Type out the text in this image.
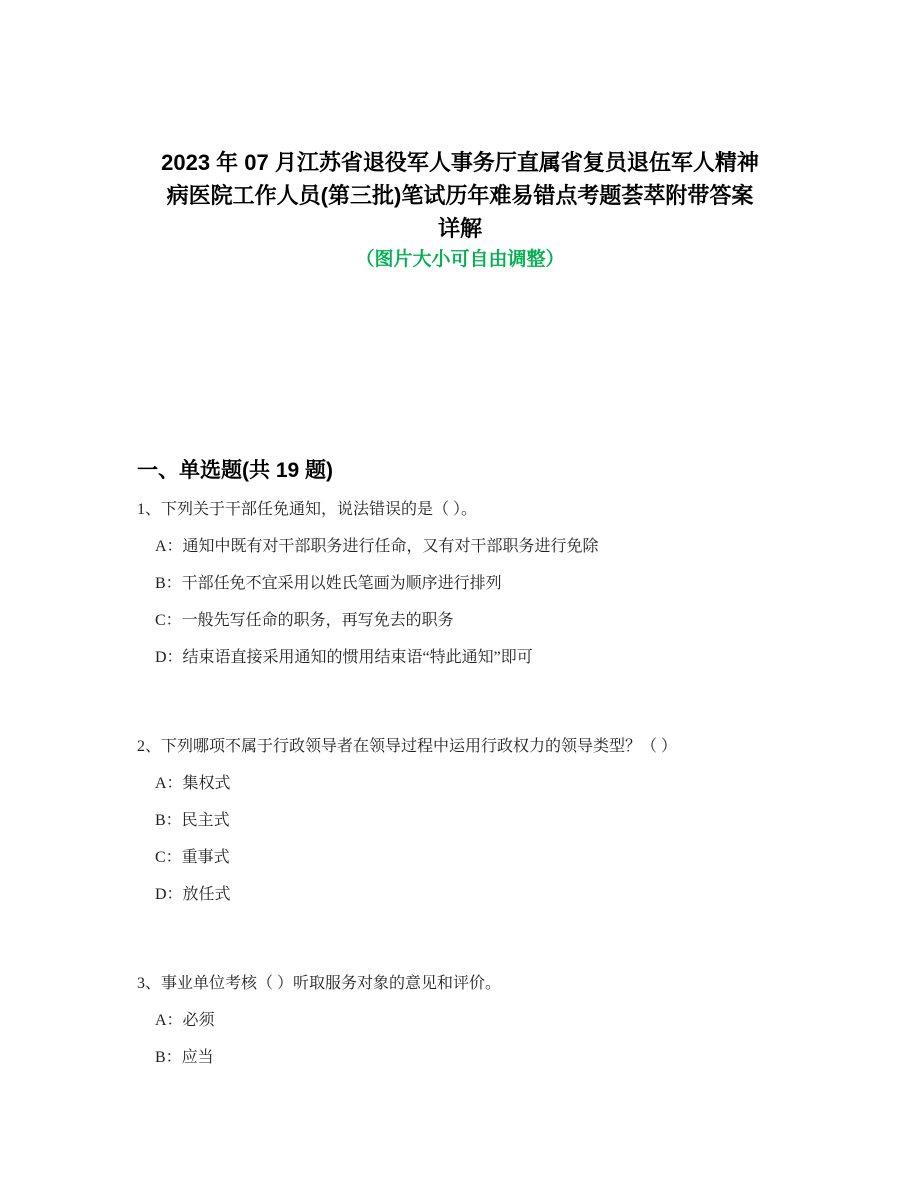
2023 年 07 月江苏省退役军人事务厅直属省复员退伍军人精神
病医院工作人员(第三批)笔试历年难易错点考题荟萃附带答案
详解

（图片大小可自由调整）

一、单选题(共 19 题)

1、下列关于干部任免通知，说法错误的是（ ）。

A：通知中既有对干部职务进行任命，又有对干部职务进行免除

B：干部任免不宜采用以姓氏笔画为顺序进行排列

C：一般先写任命的职务，再写免去的职务

D：结束语直接采用通知的惯用结束语“特此通知”即可

2、下列哪项不属于行政领导者在领导过程中运用行政权力的领导类型？（ ）

A：集权式

B：民主式

C：重事式

D：放任式

3、事业单位考核（ ）听取服务对象的意见和评价。

A：必须

B：应当
